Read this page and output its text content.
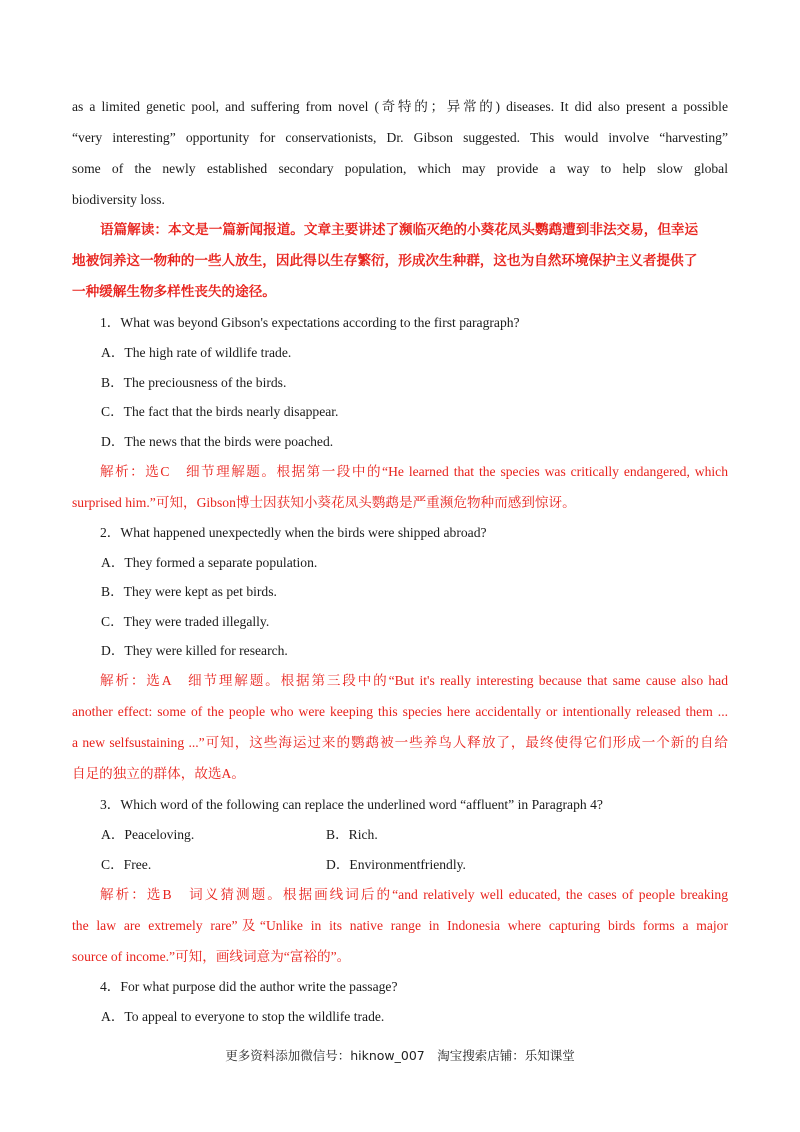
as a limited genetic pool, and suffering from novel (奇特的；异常的) diseases. It did also present a possible
“very interesting” opportunity for conservationists, Dr. Gibson suggested. This would involve “harvesting”
some of the newly established secondary population, which may provide a way to help slow global
biodiversity loss.
语篇解读：本文是一篇新闻报道。文章主要讲述了濒临灭绝的小葵花凤头鹦鹉遭到非法交易，但幸运
地被饲养这一物种的一些人放生，因此得以生存繁衍，形成次生种群，这也为自然环境保护主义者提供了
一种缓解生物多样性丧失的途径。
1．What was beyond Gibson's expectations according to the first paragraph?
A．The high rate of wildlife trade.
B．The preciousness of the birds.
C．The fact that the birds nearly disappear.
D．The news that the birds were poached.
解析：选C　细节理解题。根据第一段中的“He learned that the species was critically endangered, which
surprised him.”可知，Gibson博士因获知小葵花凤头鹦鹉是严重濒危物种而感到惊讶。
2．What happened unexpectedly when the birds were shipped abroad?
A．They formed a separate population.
B．They were kept as pet birds.
C．They were traded illegally.
D．They were killed for research.
解析：选A　细节理解题。根据第三段中的“But it's really interesting because that same cause also had
another effect: some of the people who were keeping this species here accidentally or intentionally released them ...
a new selfsustaining ...”可知，这些海运过来的鹦鹉被一些养鸟人释放了，最终使得它们形成一个新的自给
自足的独立的群体，故选A。
3．Which word of the following can replace the underlined word “affluent” in Paragraph 4?
A．Peaceloving.	B．Rich.
C．Free.	D．Environmentfriendly.
解析：选B　词义猜测题。根据画线词后的“and relatively well educated, the cases of people breaking
the law are extremely rare”及“Unlike in its native range in Indonesia where capturing birds forms a major
source of income.”可知，画线词意为“富裕的”。
4．For what purpose did the author write the passage?
A．To appeal to everyone to stop the wildlife trade.
更多资料添加微信号：hiknow_007　淘宝搜索店铺：乐知课堂
